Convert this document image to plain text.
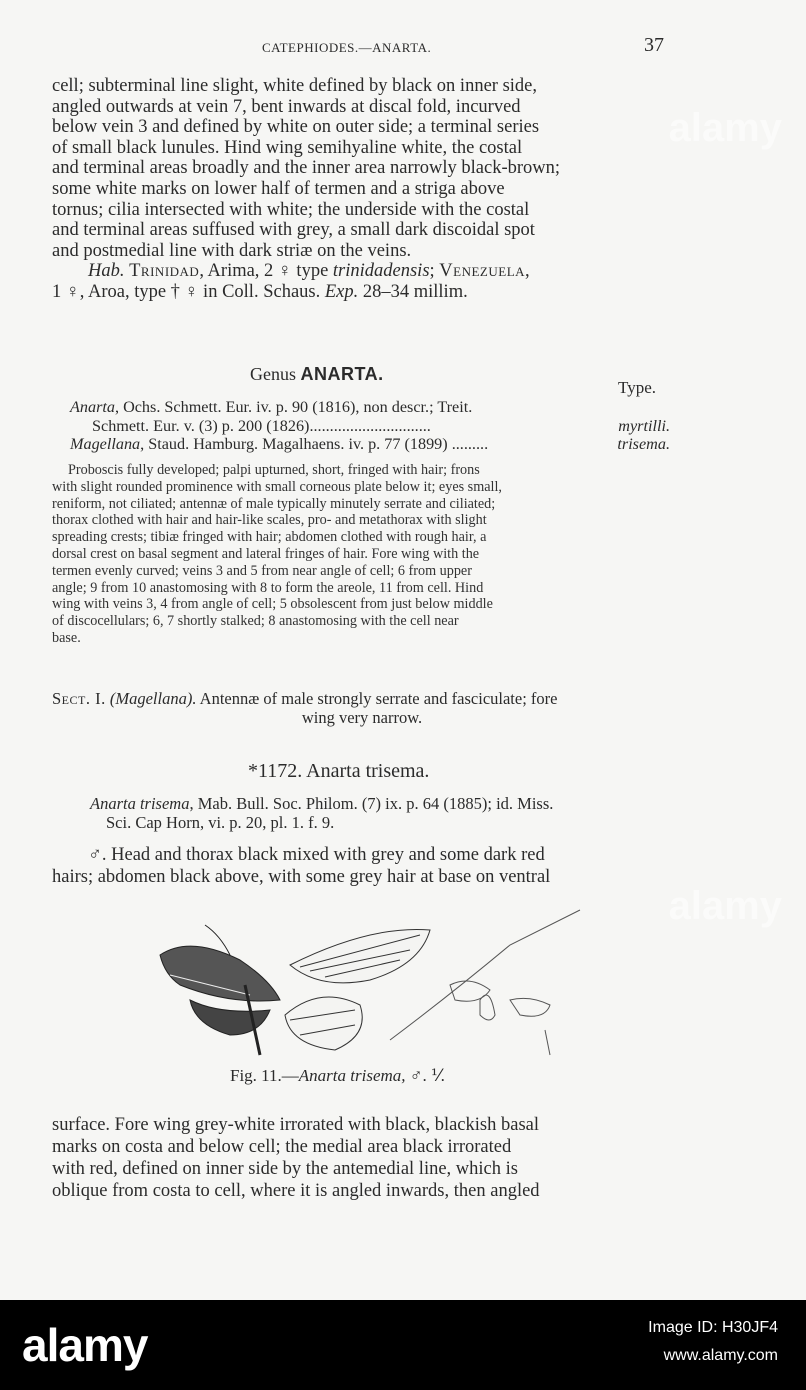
CATEPHIODES.—ANARTA.	37

cell; subterminal line slight, white defined by black on inner side,

angled outwards at vein 7, bent inwards at discal fold, incurved

below vein 3 and defined by white on outer side; a terminal series

of small black lunules. Hind wing semihyaline white, the costal

and terminal areas broadly and the inner area narrowly black-brown;

some white marks on lower half of termen and a striga above

tornus; cilia intersected with white; the underside with the costal

and terminal areas suffused with grey, a small dark discoidal spot

and postmedial line with dark striæ on the veins.

Hab. Trinidad, Arima, 2 ♀ type trinidadensis; Venezuela,

1 ♀, Aroa, type † ♀ in Coll. Schaus. Exp. 28–34 millim.

Genus ANARTA.
Type.
Anarta, Ochs. Schmett. Eur. iv. p. 90 (1816), non descr.; Treit.
Schmett. Eur. v. (3) p. 200 (1826)..............................	myrtilli.
Magellana, Staud. Hamburg. Magalhaens. iv. p. 77 (1899) .........	trisema.
Proboscis fully developed; palpi upturned, short, fringed with hair; frons
with slight rounded prominence with small corneous plate below it; eyes small,
reniform, not ciliated; antennæ of male typically minutely serrate and ciliated;
thorax clothed with hair and hair-like scales, pro- and metathorax with slight
spreading crests; tibiæ fringed with hair; abdomen clothed with rough hair, a
dorsal crest on basal segment and lateral fringes of hair. Fore wing with the
termen evenly curved; veins 3 and 5 from near angle of cell; 6 from upper
angle; 9 from 10 anastomosing with 8 to form the areole, 11 from cell. Hind
wing with veins 3, 4 from angle of cell; 5 obsolescent from just below middle
of discocellulars; 6, 7 shortly stalked; 8 anastomosing with the cell near
base.
Sect. I. (Magellana). Antennæ of male strongly serrate and fasciculate; fore
wing very narrow.
*1172. Anarta trisema.
Anarta trisema, Mab. Bull. Soc. Philom. (7) ix. p. 64 (1885); id. Miss.
Sci. Cap Horn, vi. p. 20, pl. 1. f. 9.

♂. Head and thorax black mixed with grey and some dark red

hairs; abdomen black above, with some grey hair at base on ventral

Fig. 11.—Anarta trisema, ♂. ⅟.

surface. Fore wing grey-white irrorated with black, blackish basal

marks on costa and below cell; the medial area black irrorated

with red, defined on inner side by the antemedial line, which is

oblique from costa to cell, where it is angled inwards, then angled

alamy
alamy
alamy	Image ID: H30JF4
www.alamy.com
